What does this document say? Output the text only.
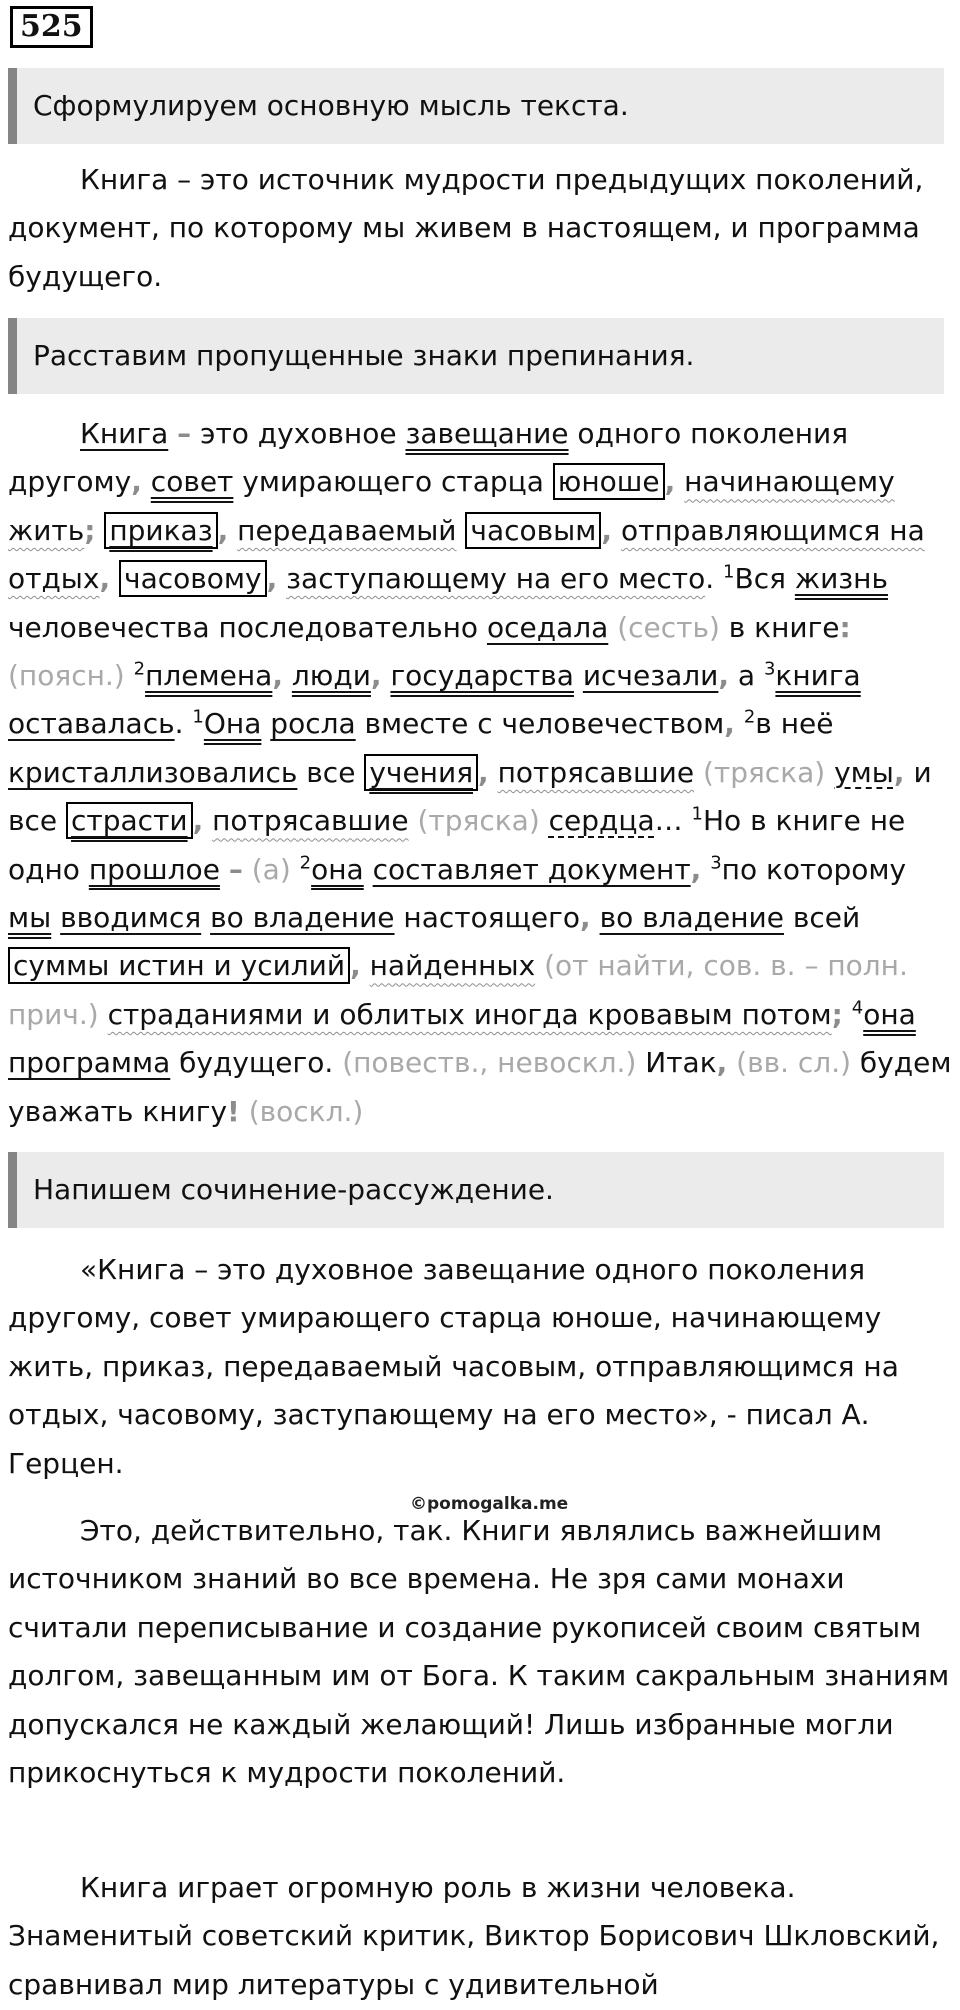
525
Сформулируем основную мысль текста.

Книга – это источник мудрости предыдущих поколений, документ, по которому мы живем в настоящем, и программа будущего.

Расставим пропущенные знаки препинания.

Книга – это духовное завещание одного поколения другому, совет умирающего старца юноше , начинающему жить; приказ , передаваемый часовым , отправляющимся на отдых, часовому , заступающему на его место. $^1$Вся жизнь человечества последовательно оседала (сесть) в книге: (поясн.) $^2$племена, люди, государства исчезали, а $^3$книга оставалась. $^1$Она росла вместе с человечеством, $^2$в неё кристаллизовались все учения , потрясавшие (тряска) умы, и все страсти , потрясавшие (тряска) сердца… $^1$Но в книге не одно прошлое – (а) $^2$она составляет документ, $^3$по которому мы вводимся во владение настоящего, во владение всей суммы истин и усилий , найденных (от найти, сов. в. – полн. прич.) страданиями и облитых иногда кровавым потом; $^4$она программа будущего. (повеств., невоскл.) Итак, (вв. сл.) будем уважать книгу! (воскл.)

Напишем сочинение-рассуждение.

«Книга – это духовное завещание одного поколения другому, совет умирающего старца юноше, начинающему жить, приказ, передаваемый часовым, отправляющимся на отдых, часовому, заступающему на его место», - писал А. Герцен.

©pomogalka.me

Это, действительно, так. Книги являлись важнейшим источником знаний во все времена. Не зря сами монахи считали переписывание и создание рукописей своим святым долгом, завещанным им от Бога. К таким сакральным знаниям допускался не каждый желающий! Лишь избранные могли прикоснуться к мудрости поколений.

Книга играет огромную роль в жизни человека. Знаменитый советский критик, Виктор Борисович Шкловский, сравнивал мир литературы с удивительной
